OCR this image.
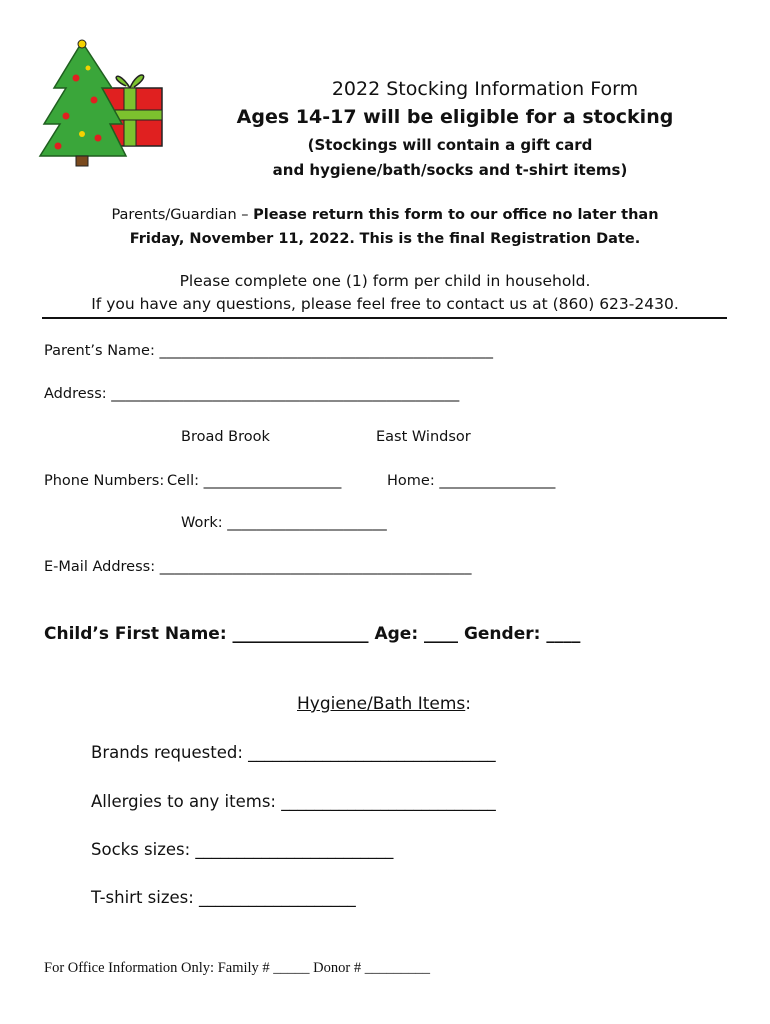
2022 Stocking Information Form
Ages 14-17 will be eligible for a stocking
(Stockings will contain a gift card
and hygiene/bath/socks and t-shirt items)
Parents/Guardian – Please return this form to our office no later than
Friday, November 11, 2022. This is the final Registration Date.
Please complete one (1) form per child in household.
If you have any questions, please feel free to contact us at (860) 623-2430.
Parent’s Name: ______________________________________________
Address: ________________________________________________
Broad Brook	East Windsor
Phone Numbers: Cell: ___________________	Home: ________________
Work: ______________________
E-Mail Address: ___________________________________________
Child’s First Name: ________________ Age: ____ Gender: ____
Hygiene/Bath Items:
Brands requested: ______________________________
Allergies to any items: __________________________
Socks sizes: ________________________
T-shirt sizes: ___________________
For Office Information Only: Family # _____ Donor # _________
